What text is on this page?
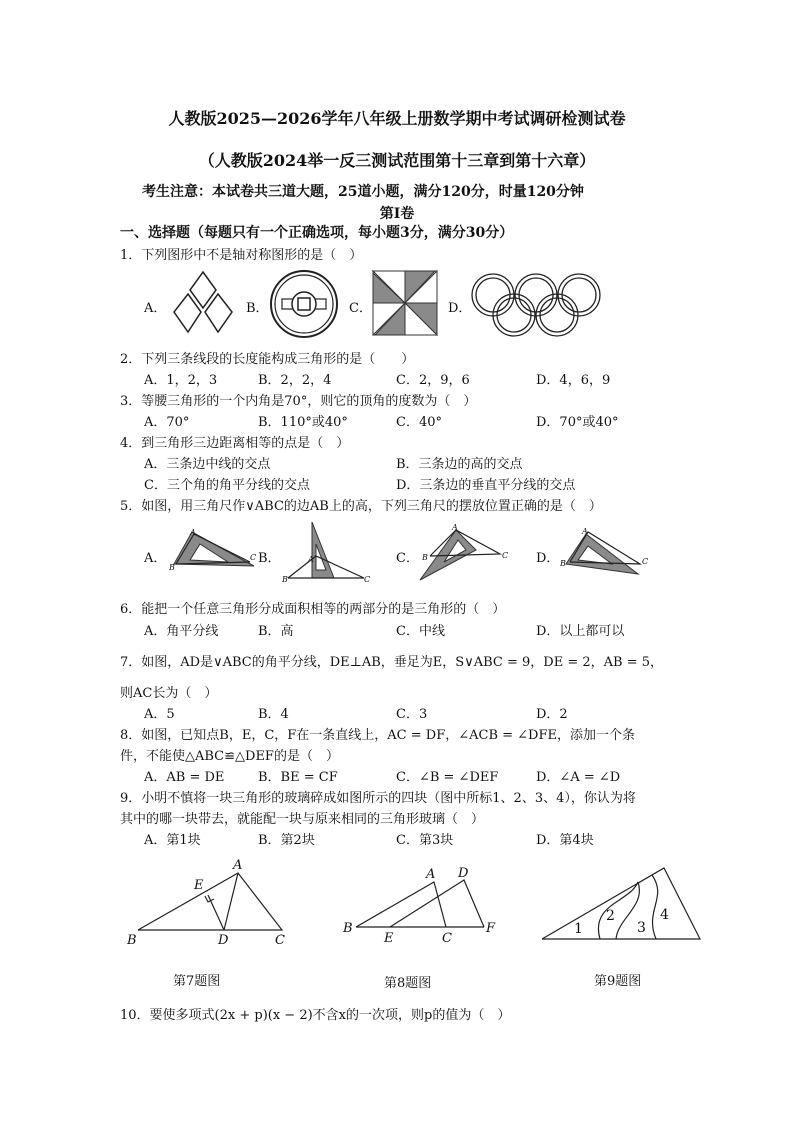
人教版2025—2026学年八年级上册数学期中考试调研检测试卷
（人教版2024举一反三测试范围第十三章到第十六章）
考生注意：本试卷共三道大题，25道小题，满分120分，时量120分钟
第Ⅰ卷
一、选择题（每题只有一个正确选项，每小题3分，满分30分）
1．下列图形中不是轴对称图形的是（　）
A．	B．	C．	D．
2．下列三条线段的长度能构成三角形的是（　　）
A．1，2，3	B．2，2，4	C．2，9，6	D．4，6，9
3．等腰三角形的一个内角是70°，则它的顶角的度数为（　）
A．70°	B．110°或40°	C．40°	D．70°或40°
4．到三角形三边距离相等的点是（　）
A．三条边中线的交点	B．三条边的高的交点
C．三个角的角平分线的交点	D．三条边的垂直平分线的交点
5．如图，用三角尺作∨ABC的边AB上的高，下列三角尺的摆放位置正确的是（　）
A．
A
B
C B．	A
B	C
C．
A
B	C D．
A
B	C
6．能把一个任意三角形分成面积相等的两部分的是三角形的（　）
A．角平分线	B．高	C．中线	D．以上都可以
7．如图，AD是∨ABC的角平分线，DE⊥AB，垂足为E，S∨ABC = 9，DE = 2，AB = 5，
则AC长为（　）
A．5	B．4	C．3	D．2
8．如图，已知点B，E，C，F在一条直线上，AC = DF，∠ACB = ∠DFE，添加一个条
件，不能使△ABC≌△DEF的是（　）
A．AB = DE	B．BE = CF	C．∠B = ∠DEF	D．∠A = ∠D
9．小明不慎将一块三角形的玻璃碎成如图所示的四块（图中所标1、2、3、4），你认为将
其中的哪一块带去，就能配一块与原来相同的三角形玻璃（　）
A．第1块	B．第2块	C．第3块	D．第4块
A
B	C
D
E
第7题图
A
B
C
D
E
F
第8题图
1
2
3
4
第9题图
10．要使多项式(2x + p)(x − 2)不含x的一次项，则p的值为（　）
